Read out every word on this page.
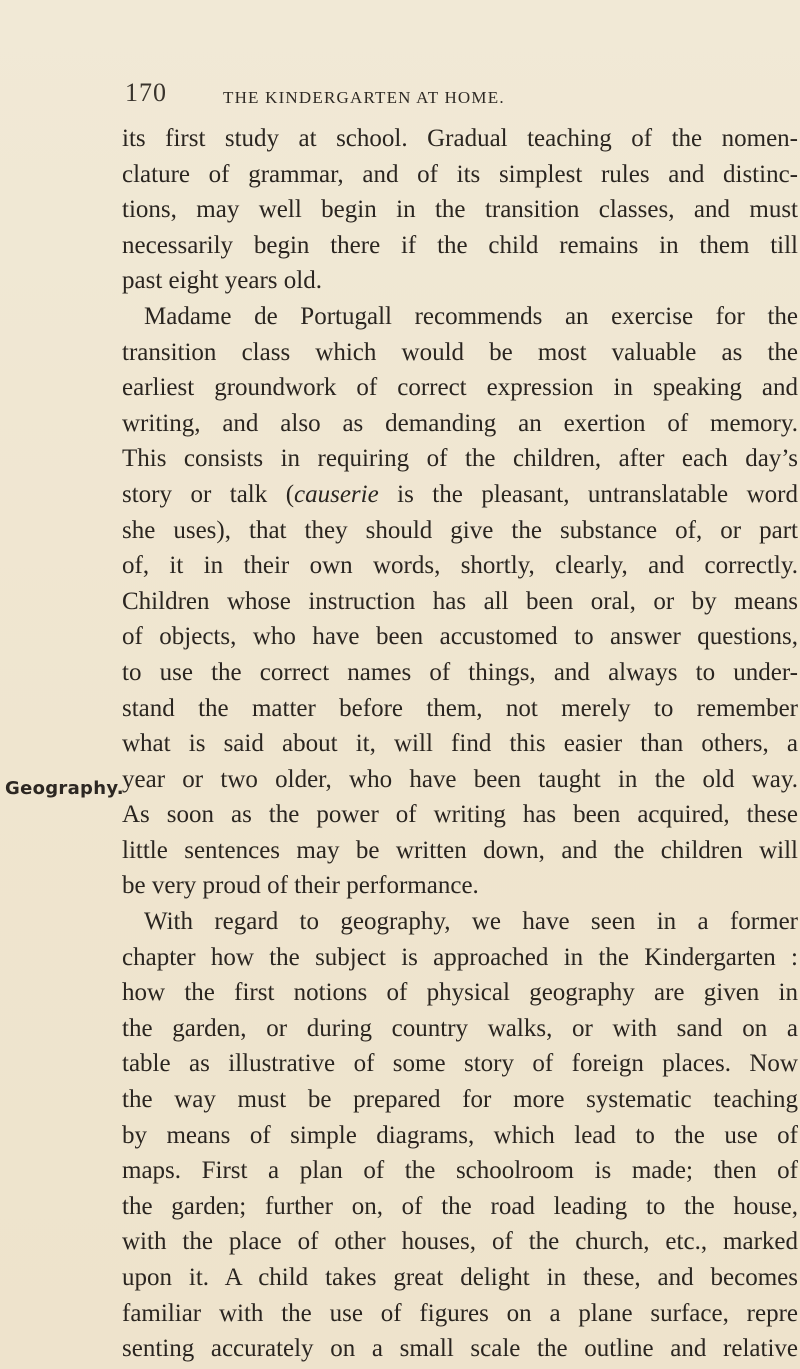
170	THE KINDERGARTEN AT HOME.
Geography.
its first study at school. Gradual teaching of the nomen-
clature of grammar, and of its simplest rules and distinc-
tions, may well begin in the transition classes, and must
necessarily begin there if the child remains in them till
past eight years old.
Madame de Portugall recommends an exercise for the
transition class which would be most valuable as the
earliest groundwork of correct expression in speaking and
writing, and also as demanding an exertion of memory.
This consists in requiring of the children, after each day’s
story or talk (causerie is the pleasant, untranslatable word
she uses), that they should give the substance of, or part
of, it in their own words, shortly, clearly, and correctly.
Children whose instruction has all been oral, or by means
of objects, who have been accustomed to answer questions,
to use the correct names of things, and always to under-
stand the matter before them, not merely to remember
what is said about it, will find this easier than others, a
year or two older, who have been taught in the old way.
As soon as the power of writing has been acquired, these
little sentences may be written down, and the children will
be very proud of their performance.
With regard to geography, we have seen in a former
chapter how the subject is approached in the Kindergarten :
how the first notions of physical geography are given in
the garden, or during country walks, or with sand on a
table as illustrative of some story of foreign places. Now
the way must be prepared for more systematic teaching
by means of simple diagrams, which lead to the use of
maps. First a plan of the schoolroom is made; then of
the garden; further on, of the road leading to the house,
with the place of other houses, of the church, etc., marked
upon it. A child takes great delight in these, and becomes
familiar with the use of figures on a plane surface, repre
senting accurately on a small scale the outline and relative
